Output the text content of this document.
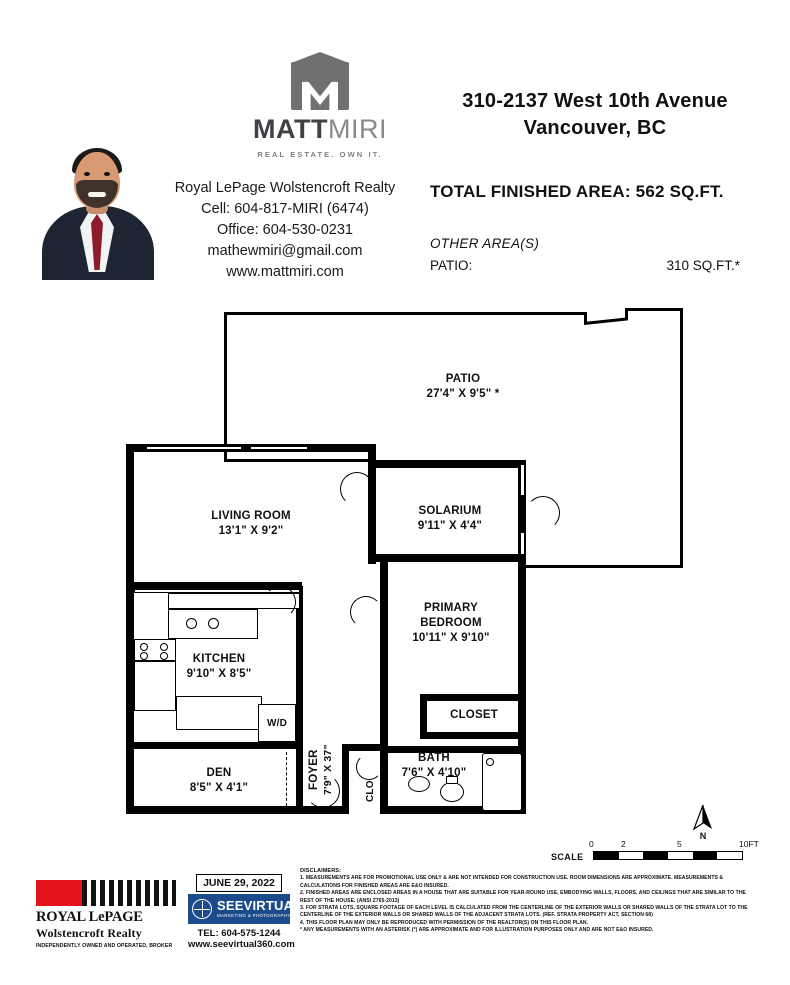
MATTMIRI
REAL ESTATE. OWN IT.
Royal LePage Wolstencroft Realty
Cell: 604-817-MIRI (6474)
Office: 604-530-0231
mathewmiri@gmail.com
www.mattmiri.com
310-2137 West 10th Avenue
Vancouver, BC
TOTAL FINISHED AREA: 562 SQ.FT.
OTHER AREA(S)
PATIO:	310 SQ.FT.*
W/D
PATIO
27'4" X 9'5" *
LIVING ROOM
13'1" X 9'2"
SOLARIUM
9'11" X 4'4"
PRIMARY
BEDROOM
10'11" X 9'10"
KITCHEN
9'10" X 8'5"
CLOSET
BATH
7'6" X 4'10"
DEN
8'5" X 4'1"	FOYER 7'9" X 37"	CLO
N
SCALE
0	2	5	10FT
ROYAL LePAGE
Wolstencroft Realty
INDEPENDENTLY OWNED AND OPERATED, BROKER
JUNE 29, 2022
SEEVIRTUAL
MARKETING & PHOTOGRAPHY
TEL: 604-575-1244
www.seevirtual360.com
DISCLAIMERS:
1. MEASUREMENTS ARE FOR PROMOTIONAL USE ONLY & ARE NOT INTENDED FOR CONSTRUCTION USE. ROOM DIMENSIONS ARE APPROXIMATE. MEASUREMENTS & CALCULATIONS FOR FINISHED AREAS ARE E&O INSURED.
2. FINISHED AREAS ARE ENCLOSED AREAS IN A HOUSE THAT ARE SUITABLE FOR YEAR-ROUND USE, EMBODYING WALLS, FLOORS, AND CEILINGS THAT ARE SIMILAR TO THE REST OF THE HOUSE. (ANSI Z765-2013)
3. FOR STRATA LOTS, SQUARE FOOTAGE OF EACH LEVEL IS CALCULATED FROM THE CENTERLINE OF THE EXTERIOR WALLS OR SHARED WALLS OF THE STRATA LOT TO THE CENTERLINE OF THE EXTERIOR WALLS OR SHARED WALLS OF THE ADJACENT STRATA LOTS. (REF. STRATA PROPERTY ACT, SECTION 68)
4. THIS FLOOR PLAN MAY ONLY BE REPRODUCED WITH PERMISSION OF THE REALTOR(S) ON THIS FLOOR PLAN.
* ANY MEASUREMENTS WITH AN ASTERISK (*) ARE APPROXIMATE AND FOR ILLUSTRATION PURPOSES ONLY AND ARE NOT E&O INSURED.
